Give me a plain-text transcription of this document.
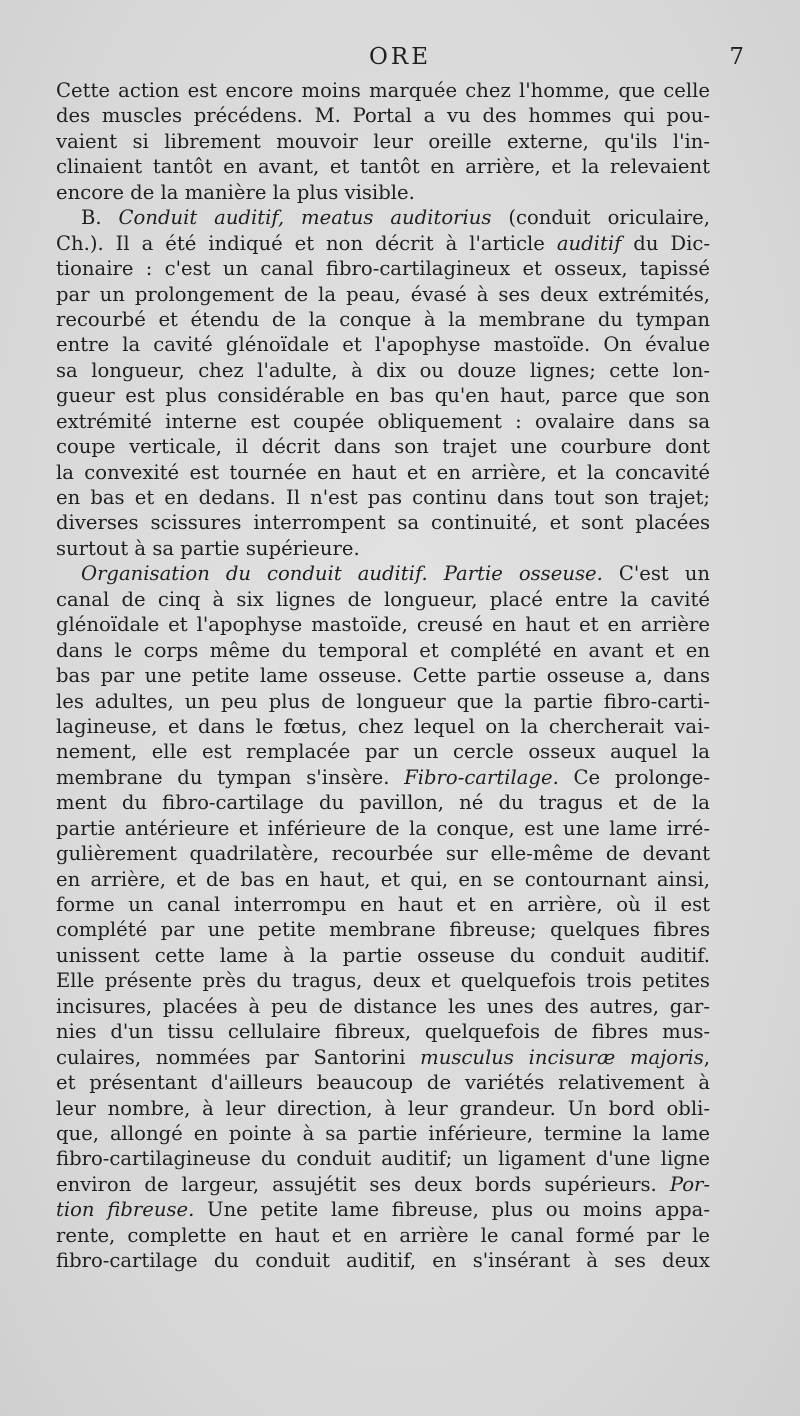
ORE	7
Cette action est encore moins marquée chez l'homme, que celle
des muscles précédens. M. Portal a vu des hommes qui pou-
vaient si librement mouvoir leur oreille externe, qu'ils l'in-
clinaient tantôt en avant, et tantôt en arrière, et la relevaient
encore de la manière la plus visible.
B. Conduit auditif, meatus auditorius (conduit oriculaire,
Ch.). Il a été indiqué et non décrit à l'article auditif du Dic-
tionaire : c'est un canal fibro-cartilagineux et osseux, tapissé
par un prolongement de la peau, évasé à ses deux extrémités,
recourbé et étendu de la conque à la membrane du tympan
entre la cavité glénoïdale et l'apophyse mastoïde. On évalue
sa longueur, chez l'adulte, à dix ou douze lignes; cette lon-
gueur est plus considérable en bas qu'en haut, parce que son
extrémité interne est coupée obliquement : ovalaire dans sa
coupe verticale, il décrit dans son trajet une courbure dont
la convexité est tournée en haut et en arrière, et la concavité
en bas et en dedans. Il n'est pas continu dans tout son trajet;
diverses scissures interrompent sa continuité, et sont placées
surtout à sa partie supérieure.
Organisation du conduit auditif. Partie osseuse. C'est un
canal de cinq à six lignes de longueur, placé entre la cavité
glénoïdale et l'apophyse mastoïde, creusé en haut et en arrière
dans le corps même du temporal et complété en avant et en
bas par une petite lame osseuse. Cette partie osseuse a, dans
les adultes, un peu plus de longueur que la partie fibro-carti-
lagineuse, et dans le fœtus, chez lequel on la chercherait vai-
nement, elle est remplacée par un cercle osseux auquel la
membrane du tympan s'insère. Fibro-cartilage. Ce prolonge-
ment du fibro-cartilage du pavillon, né du tragus et de la
partie antérieure et inférieure de la conque, est une lame irré-
gulièrement quadrilatère, recourbée sur elle-même de devant
en arrière, et de bas en haut, et qui, en se contournant ainsi,
forme un canal interrompu en haut et en arrière, où il est
complété par une petite membrane fibreuse; quelques fibres
unissent cette lame à la partie osseuse du conduit auditif.
Elle présente près du tragus, deux et quelquefois trois petites
incisures, placées à peu de distance les unes des autres, gar-
nies d'un tissu cellulaire fibreux, quelquefois de fibres mus-
culaires, nommées par Santorini musculus incisuræ majoris,
et présentant d'ailleurs beaucoup de variétés relativement à
leur nombre, à leur direction, à leur grandeur. Un bord obli-
que, allongé en pointe à sa partie inférieure, termine la lame
fibro-cartilagineuse du conduit auditif; un ligament d'une ligne
environ de largeur, assujétit ses deux bords supérieurs. Por-
tion fibreuse. Une petite lame fibreuse, plus ou moins appa-
rente, complette en haut et en arrière le canal formé par le
fibro-cartilage du conduit auditif, en s'insérant à ses deux
